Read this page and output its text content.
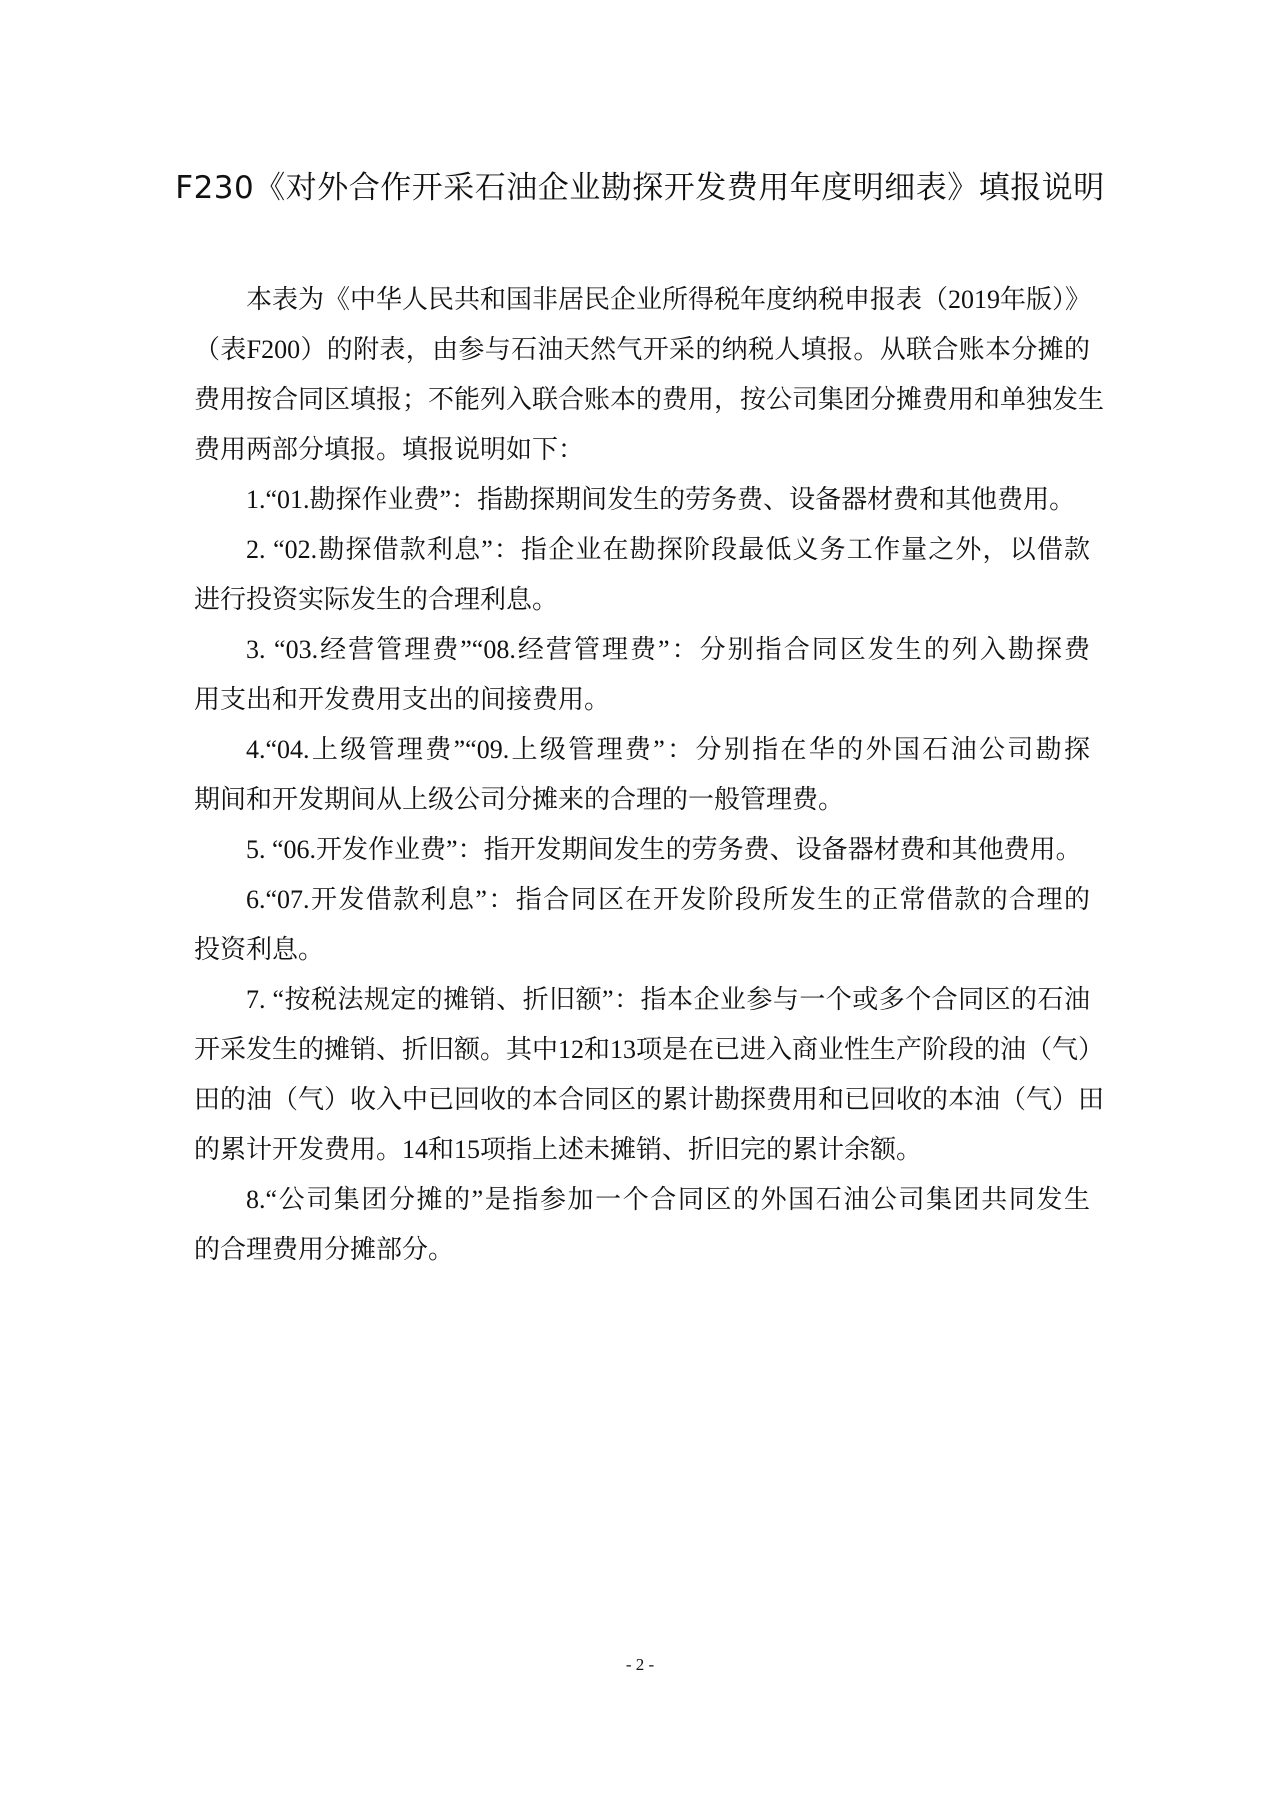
F230《对外合作开采石油企业勘探开发费用年度明细表》填报说明
本表为《中华人民共和国非居民企业所得税年度纳税申报表（2019年版）》
（表F200）的附表，由参与石油天然气开采的纳税人填报。从联合账本分摊的
费用按合同区填报；不能列入联合账本的费用，按公司集团分摊费用和单独发生
费用两部分填报。填报说明如下：
1.“01.勘探作业费”：指勘探期间发生的劳务费、设备器材费和其他费用。
2. “02.勘探借款利息”：指企业在勘探阶段最低义务工作量之外，以借款
进行投资实际发生的合理利息。
3. “03.经营管理费”“08.经营管理费”：分别指合同区发生的列入勘探费
用支出和开发费用支出的间接费用。
4.“04.上级管理费”“09.上级管理费”：分别指在华的外国石油公司勘探
期间和开发期间从上级公司分摊来的合理的一般管理费。
5. “06.开发作业费”：指开发期间发生的劳务费、设备器材费和其他费用。
6.“07.开发借款利息”：指合同区在开发阶段所发生的正常借款的合理的
投资利息。
7. “按税法规定的摊销、折旧额”：指本企业参与一个或多个合同区的石油
开采发生的摊销、折旧额。其中12和13项是在已进入商业性生产阶段的油（气）
田的油（气）收入中已回收的本合同区的累计勘探费用和已回收的本油（气）田
的累计开发费用。14和15项指上述未摊销、折旧完的累计余额。
8.“公司集团分摊的”是指参加一个合同区的外国石油公司集团共同发生
的合理费用分摊部分。
- 2 -
